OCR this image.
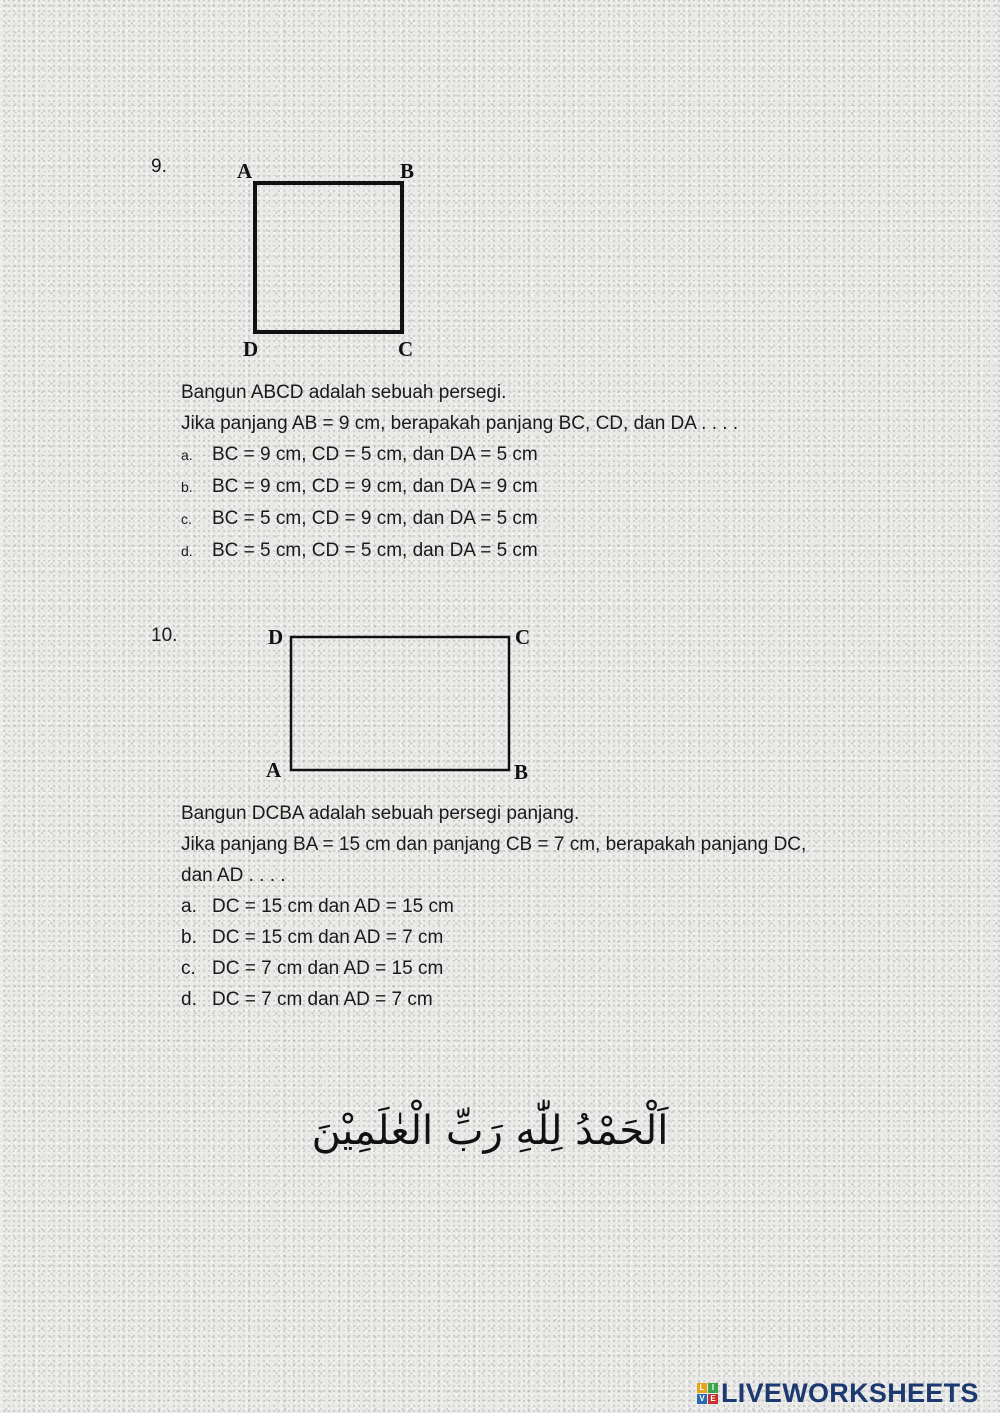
9.	A	B
D	C

Bangun ABCD adalah sebuah persegi.

Jika panjang AB = 9 cm, berapakah panjang BC, CD, dan DA . . . .

a.	BC = 9 cm, CD = 5 cm, dan DA = 5 cm
b.	BC = 9 cm, CD = 9 cm, dan DA = 9 cm
c.	BC = 5 cm, CD = 9 cm, dan DA = 5 cm
d.	BC = 5 cm, CD = 5 cm, dan DA = 5 cm
10.	D	C
A	B

Bangun DCBA adalah sebuah persegi panjang.

Jika panjang BA = 15 cm dan panjang CB = 7 cm, berapakah panjang DC,

dan AD . . . .

a. DC = 15 cm dan AD = 15 cm
b. DC = 15 cm dan AD = 7 cm
c. DC = 7 cm dan AD = 15 cm
d. DC = 7 cm dan AD = 7 cm
اَلْحَمْدُ لِلّٰهِ رَبِّ الْعٰلَمِيْنَ
L I
V E LIVEWORKSHEETS
